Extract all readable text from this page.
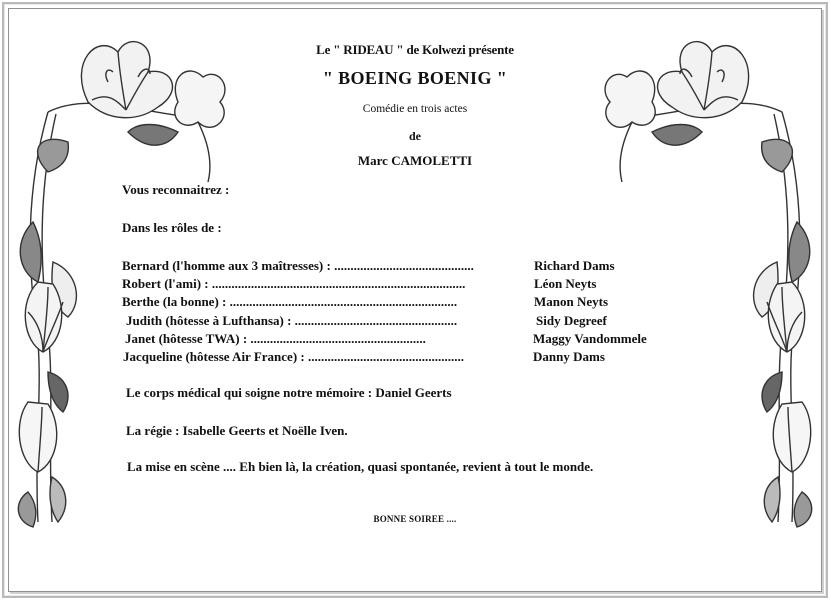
Le " RIDEAU " de Kolwezi présente
" BOEING BOENIG "
Comédie en trois actes
de
Marc CAMOLETTI
Vous reconnaitrez :
Dans les rôles de :
Bernard (l'homme aux 3 maîtresses) : ...........................................	Richard Dams
Robert (l'ami) : ..............................................................................	Léon Neyts
Berthe (la bonne) : ......................................................................	Manon Neyts
Judith (hôtesse à Lufthansa) : ..................................................	Sidy Degreef
Janet (hôtesse TWA) : ......................................................	Maggy Vandommele
Jacqueline (hôtesse Air France) : ................................................	Danny Dams
Le corps médical qui soigne notre mémoire : Daniel Geerts
La régie : Isabelle Geerts et Noëlle Iven.
La mise en scène .... Eh bien là, la création, quasi spontanée, revient à tout le monde.
BONNE SOIREE ....
